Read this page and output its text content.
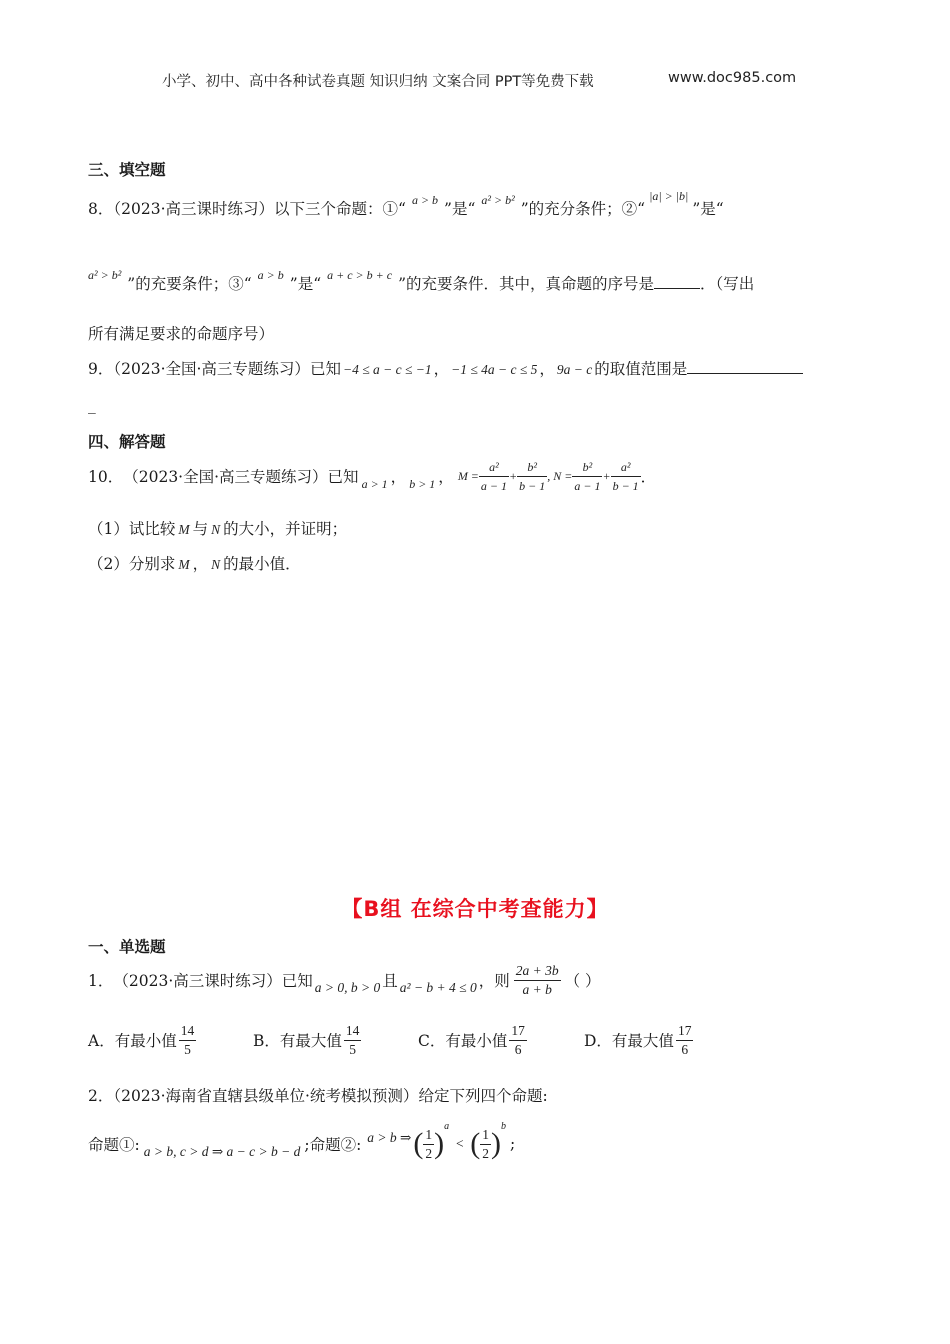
小学、初中、高中各种试卷真题 知识归纳 文案合同 PPT等免费下载	www.doc985.com
三、填空题
8．（2023·高三课时练习）以下三个命题：①“ $^{a > b}$ ”是“ $^{a^2 > b^2}$ ”的充分条件；②“$^{|a| > |b|}$”是“
$^{a^2 > b^2}$ ”的充要条件；③“ $^{a > b}$ ”是“ $^{a + c > b + c}$ ”的充要条件．其中，真命题的序号是	．（写出
所有满足要求的命题序号）
9．（2023·全国·高三专题练习）已知 −4 ≤ a − c ≤ −1 ， −1 ≤ 4a − c ≤ 5 ， 9a − c 的取值范围是
_
四、解答题
10． （2023·全国·高三专题练习） 已知 a > 1 ， b > 1 ， $M = \frac{\text{a²}}{a - 1} + \frac{\text{b²}}{b - 1}$ , $N = \frac{\text{b²}}{a - 1} + \frac{\text{a²}}{b - 1}$ ．
（1）试比较 M 与 N 的大小，并证明；
（2）分别求 M ， N 的最小值．
【B组 在综合中考查能力】
一、单选题
1． （2023·高三课时练习） 已知 a > 0, b > 0 且 a² − b + 4 ≤ 0 ，则 $\frac{2a + 3b}{a + b}$ （ ）
A．有最小值 $\frac{14}{5}$	B．有最大值 $\frac{14}{5}$	C．有最小值 $\frac{17}{6}$	D．有最大值 $\frac{17}{6}$
2．（2023·海南省直辖县级单位·统考模拟预测）给定下列四个命题:
命题①: a > b, c > d ⇒ a − c > b − d ;命题②: a > b ⇒ ( $\frac{1}{2}$ )
a
< ( $\frac{1}{2}$ )
b
;
